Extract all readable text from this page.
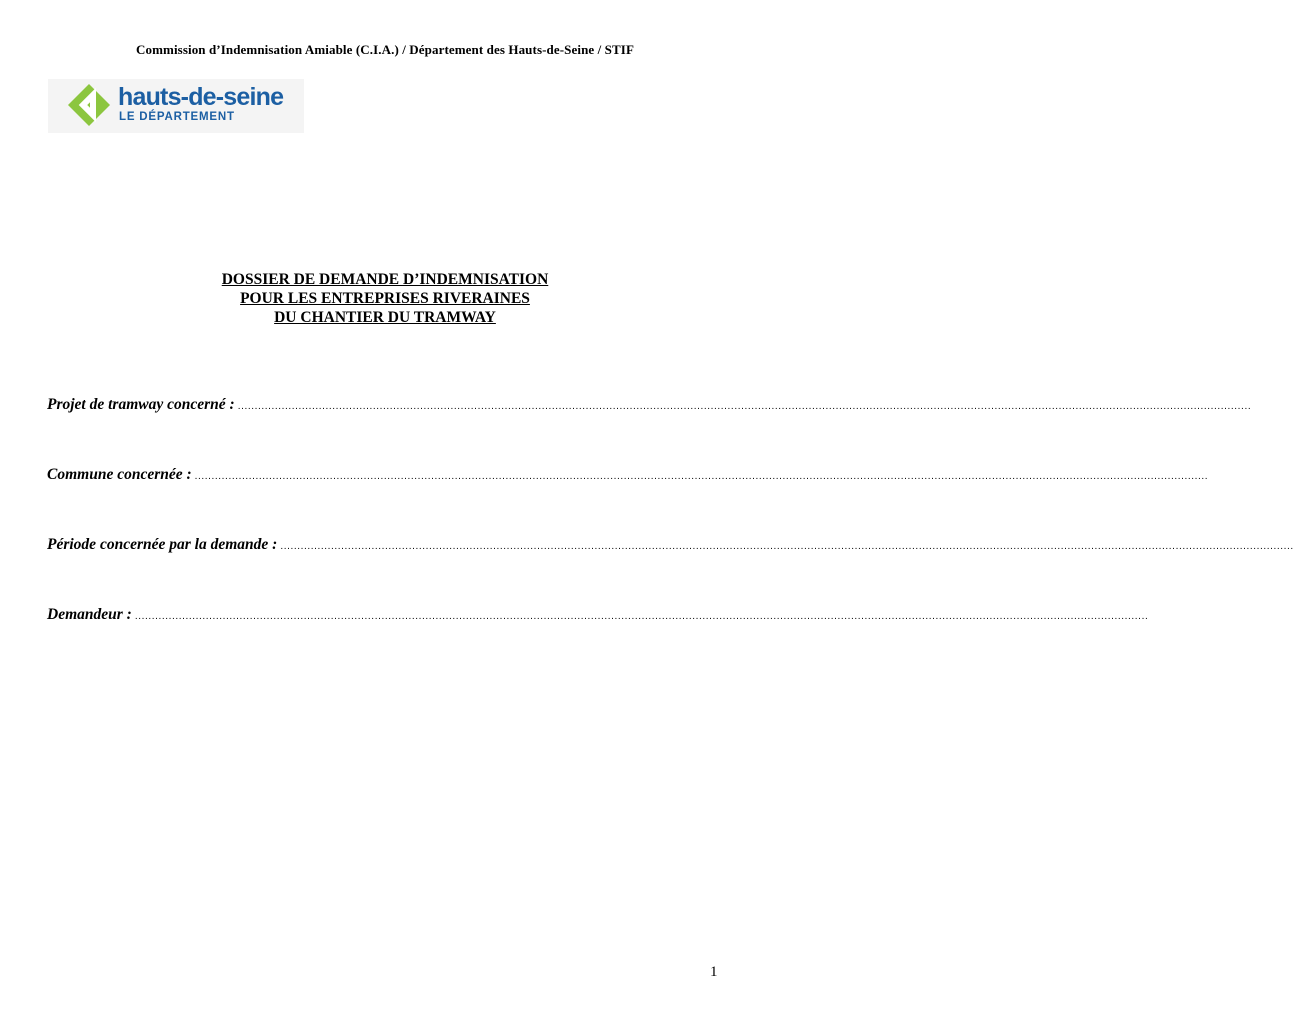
Commission d’Indemnisation Amiable (C.I.A.) / Département des Hauts-de-Seine / STIF
hauts-de-seine
LE DÉPARTEMENT
DOSSIER DE DEMANDE D’INDEMNISATION
POUR LES ENTREPRISES RIVERAINES
DU CHANTIER DU TRAMWAY
Projet de tramway concerné : ............................................................................................................................................................................................................................................................................................................
Commune concernée : ............................................................................................................................................................................................................................................................................................................
Période concernée par la demande : ............................................................................................................................................................................................................................................................................................................
Demandeur : ............................................................................................................................................................................................................................................................................................................
1
